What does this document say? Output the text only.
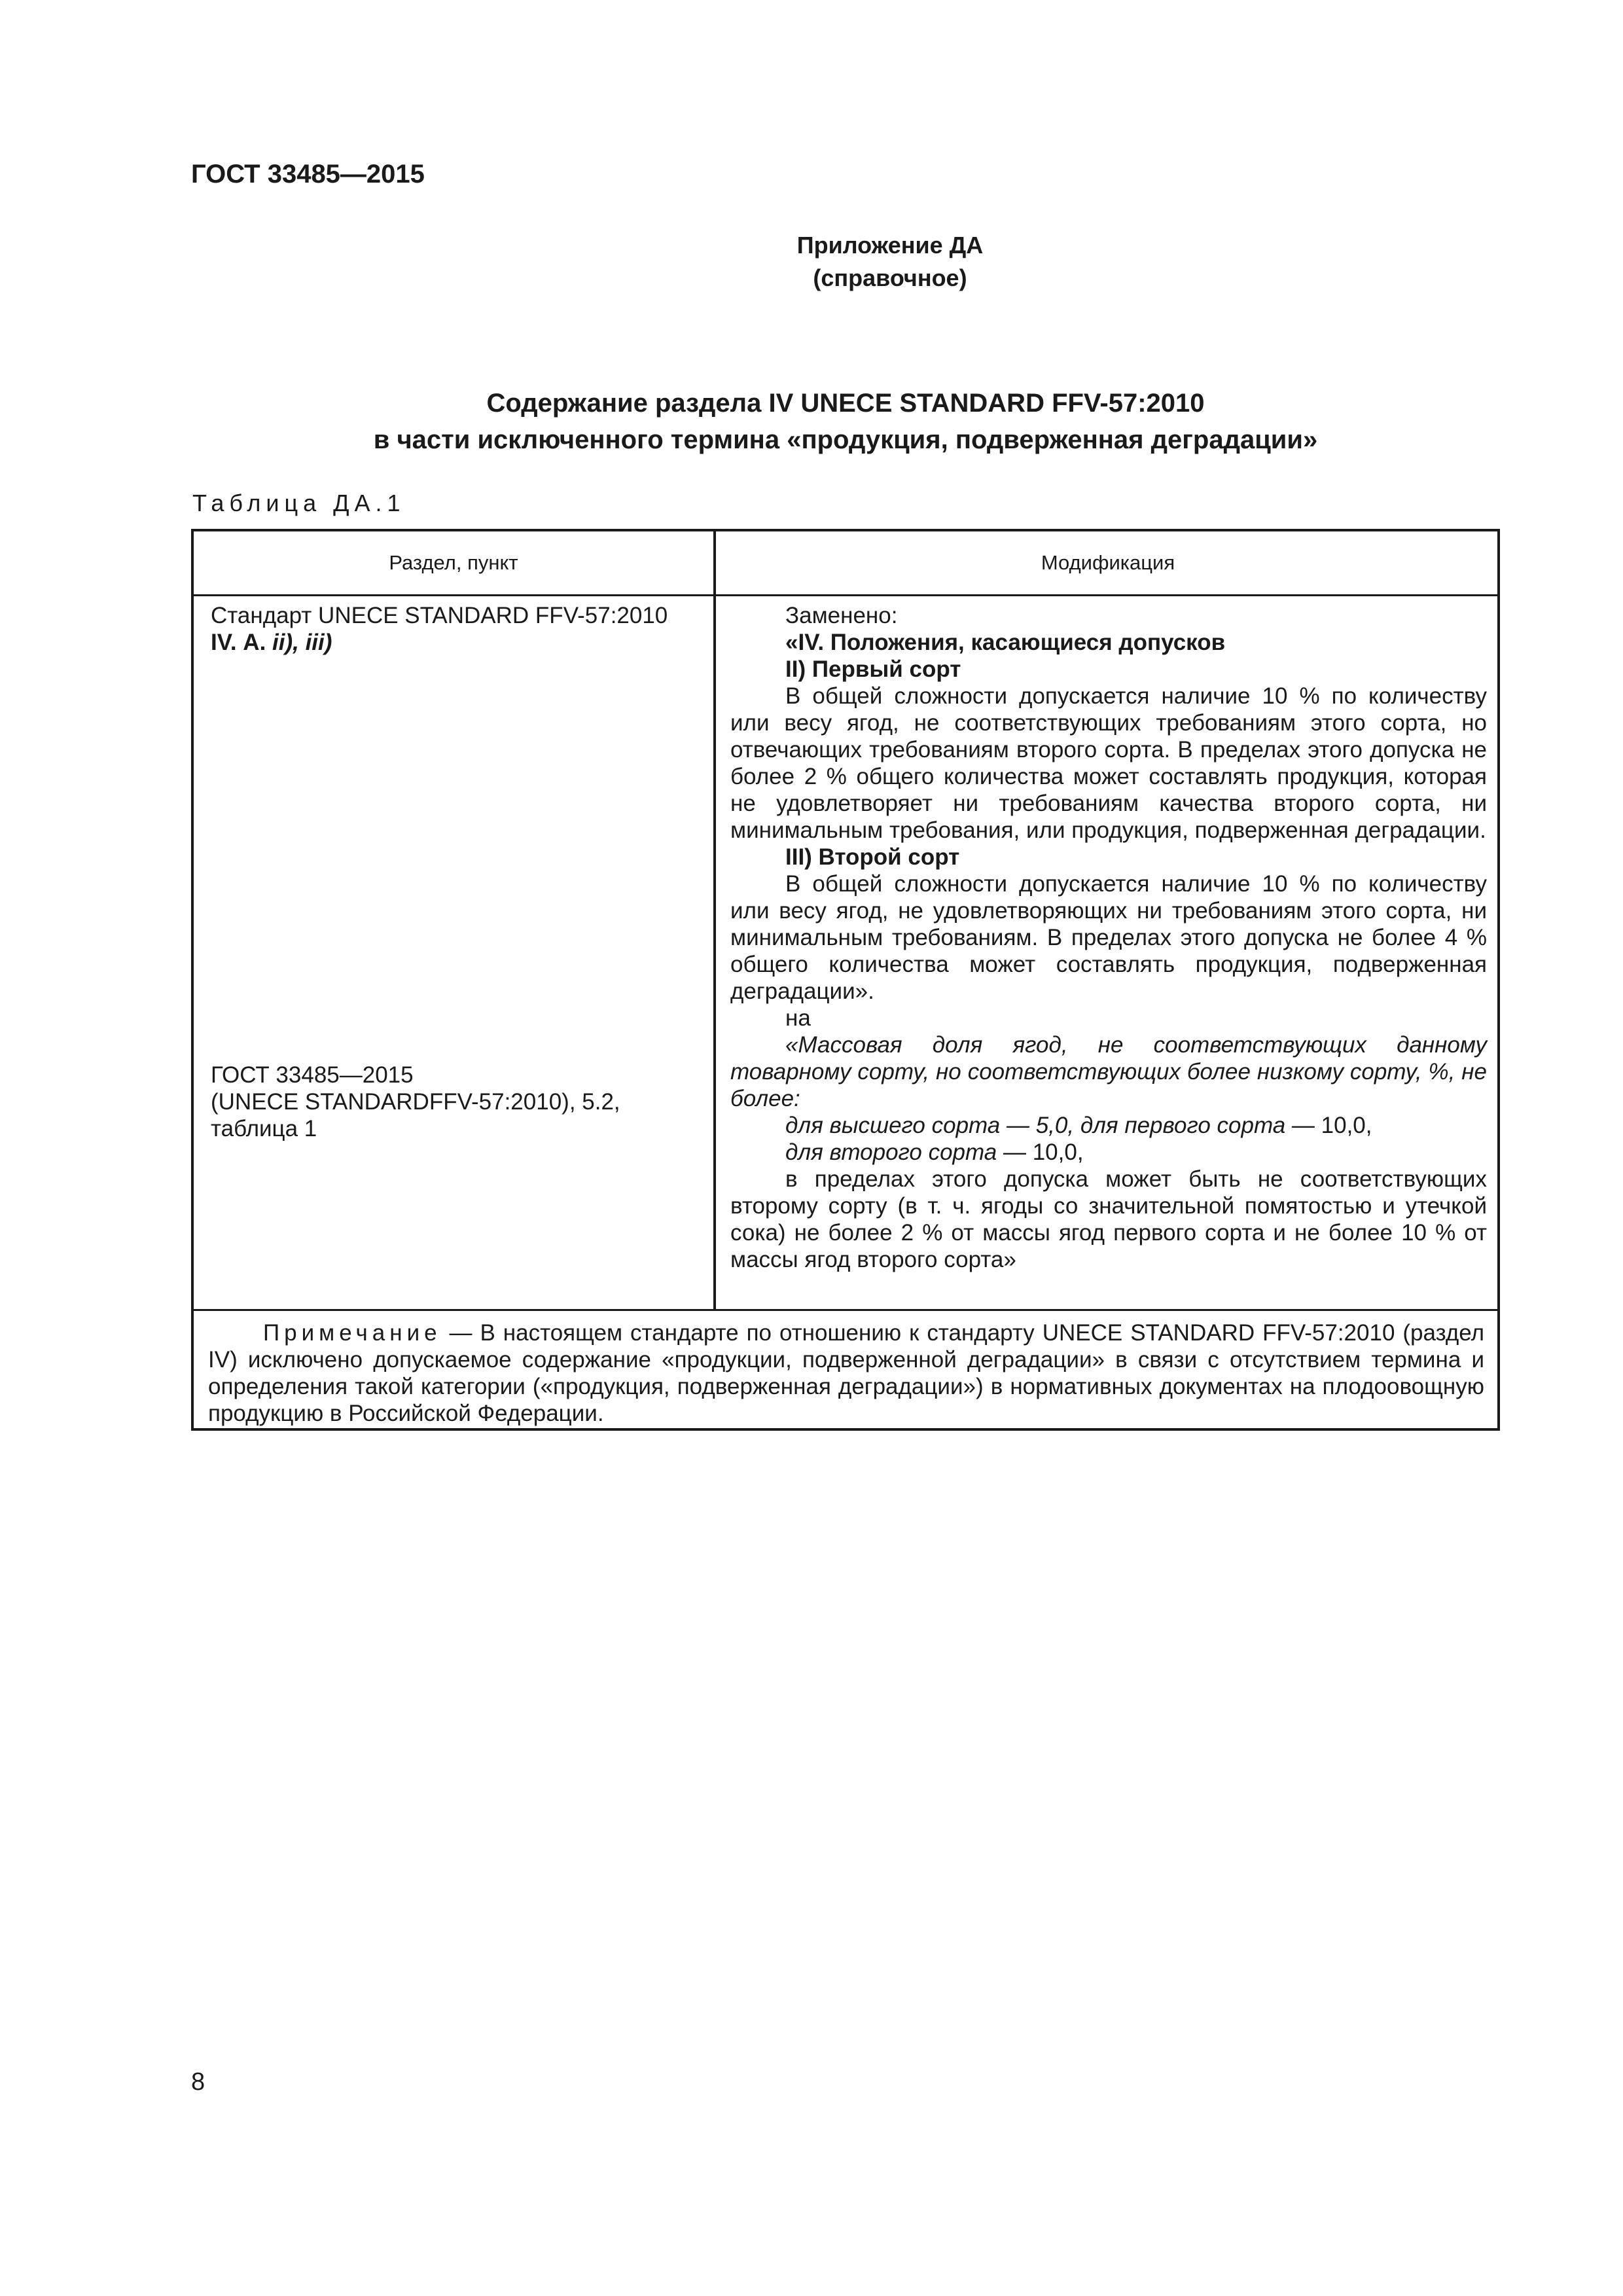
ГОСТ 33485—2015
Приложение ДА
(справочное)
Содержание раздела IV UNECE STANDARD FFV-57:2010
в части исключенного термина «продукция, подверженная деградации»
Таблица ДА.1
Раздел, пункт	Модификация
Стандарт UNECE STANDARD FFV-57:2010
IV. А. ii), iii)
ГОСТ 33485—2015
(UNECE STANDARDFFV-57:2010), 5.2,
таблица 1

Заменено:

«IV. Положения, касающиеся допусков

II) Первый сорт

В общей сложности допускается наличие 10 % по количеству или весу ягод, не соответствующих требованиям этого сорта, но отвечающих требованиям второго сорта. В пределах этого допуска не более 2 % общего количества может составлять продукция, которая не удовлетворяет ни требованиям качества второго сорта, ни минимальным требования, или продукция, подверженная деградации.

III) Второй сорт

В общей сложности допускается наличие 10 % по количеству или весу ягод, не удовлетворяющих ни требованиям этого сорта, ни минимальным требованиям. В пределах этого допуска не более 4 % общего количества может составлять продукция, подверженная деградации».

на

«Массовая доля ягод, не соответствующих данному товарному сорту, но соответствующих более низкому сорту, %, не более:

для высшего сорта — 5,0, для первого сорта — 10,0,

для второго сорта — 10,0,

в пределах этого допуска может быть не соответствующих второму сорту (в т. ч. ягоды со значительной помятостью и утечкой сока) не более 2 % от массы ягод первого сорта и не более 10 % от массы ягод второго сорта»

Примечание — В настоящем стандарте по отношению к стандарту UNECE STANDARD FFV-57:2010 (раздел IV) исключено допускаемое содержание «продукции, подверженной деградации» в связи с отсутствием термина и определения такой категории («продукция, подверженная деградации») в нормативных документах на плодоовощную продукцию в Российской Федерации.
8
